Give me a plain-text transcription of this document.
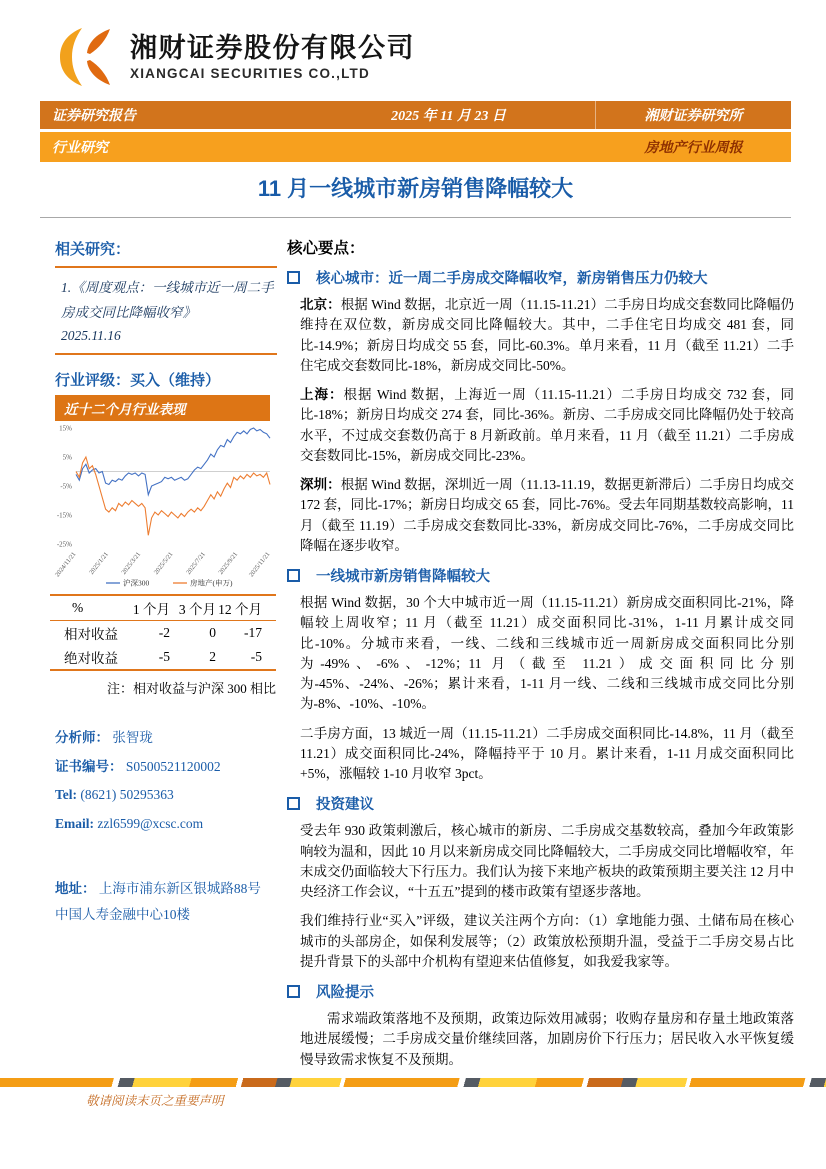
湘财证券股份有限公司
XIANGCAI SECURITIES CO.,LTD
证券研究报告	2025 年 11 月 23 日	湘财证券研究所
行业研究	房地产行业周报
11 月一线城市新房销售降幅较大
相关研究：
1.《周度观点：一线城市近一周二手房成交同比降幅收窄》
2025.11.16
行业评级：买入（维持）
近十二个月行业表现
15%
5%
-5%
-15%
-25%
2024/11/21 2025/1/21 2025/3/21 2025/5/21 2025/7/21 2025/9/21 2025/11/21
沪深300	房地产(申万)
%	1 个月 3 个月 12 个月
相对收益	-2	0	-17
绝对收益	-5	2	-5
注：相对收益与沪深 300 相比
分析师： 张智珑
证书编号： S0500521120002
Tel: (8621) 50295363
Email: zzl6599@xcsc.com
地址： 上海市浦东新区银城路88号
中国人寿金融中心10楼
核心要点：
核心城市：近一周二手房成交降幅收窄，新房销售压力仍较大

北京：根据 Wind 数据，北京近一周（11.15-11.21）二手房日均成交套数同比降幅仍维持在双位数，新房成交同比降幅较大。其中，二手住宅日均成交 481 套，同比-14.9%；新房日均成交 55 套，同比-60.3%。单月来看，11 月（截至 11.21）二手住宅成交套数同比-18%，新房成交同比-50%。

上海：根据 Wind 数据，上海近一周（11.15-11.21）二手房日均成交 732 套，同比-18%；新房日均成交 274 套，同比-36%。新房、二手房成交同比降幅仍处于较高水平，不过成交套数仍高于 8 月新政前。单月来看，11 月（截至 11.21）二手房成交套数同比-15%，新房成交同比-23%。

深圳：根据 Wind 数据，深圳近一周（11.13-11.19，数据更新滞后）二手房日均成交 172 套，同比-17%；新房日均成交 65 套，同比-76%。受去年同期基数较高影响，11 月（截至 11.19）二手房成交套数同比-33%，新房成交同比-76%，二手房成交同比降幅在逐步收窄。

一线城市新房销售降幅较大

根据 Wind 数据，30 个大中城市近一周（11.15-11.21）新房成交面积同比-21%，降幅较上周收窄；11 月（截至 11.21）成交面积同比-31%，1-11 月累计成交同比-10%。分城市来看，一线、二线和三线城市近一周新房成交面积同比分别为-49%、-6%、-12%；11 月（截至 11.21）成交面积同比分别为-45%、-24%、-26%；累计来看，1-11 月一线、二线和三线城市成交同比分别为-8%、-10%、-10%。

二手房方面，13 城近一周（11.15-11.21）二手房成交面积同比-14.8%，11 月（截至 11.21）成交面积同比-24%，降幅持平于 10 月。累计来看，1-11 月成交面积同比+5%，涨幅较 1-10 月收窄 3pct。

投资建议

受去年 930 政策刺激后，核心城市的新房、二手房成交基数较高，叠加今年政策影响较为温和，因此 10 月以来新房成交同比降幅较大，二手房成交同比增幅收窄，年末成交仍面临较大下行压力。我们认为接下来地产板块的政策预期主要关注 12 月中央经济工作会议，“十五五”提到的楼市政策有望逐步落地。

我们维持行业“买入”评级，建议关注两个方向：（1）拿地能力强、土储布局在核心城市的头部房企，如保利发展等；（2）政策放松预期升温，受益于二手房交易占比提升背景下的头部中介机构有望迎来估值修复，如我爱我家等。

风险提示

需求端政策落地不及预期，政策边际效用减弱；收购存量房和存量土地政策落地进展缓慢；二手房成交量价继续回落，加剧房价下行压力；居民收入水平恢复缓慢导致需求恢复不及预期。

敬请阅读末页之重要声明
